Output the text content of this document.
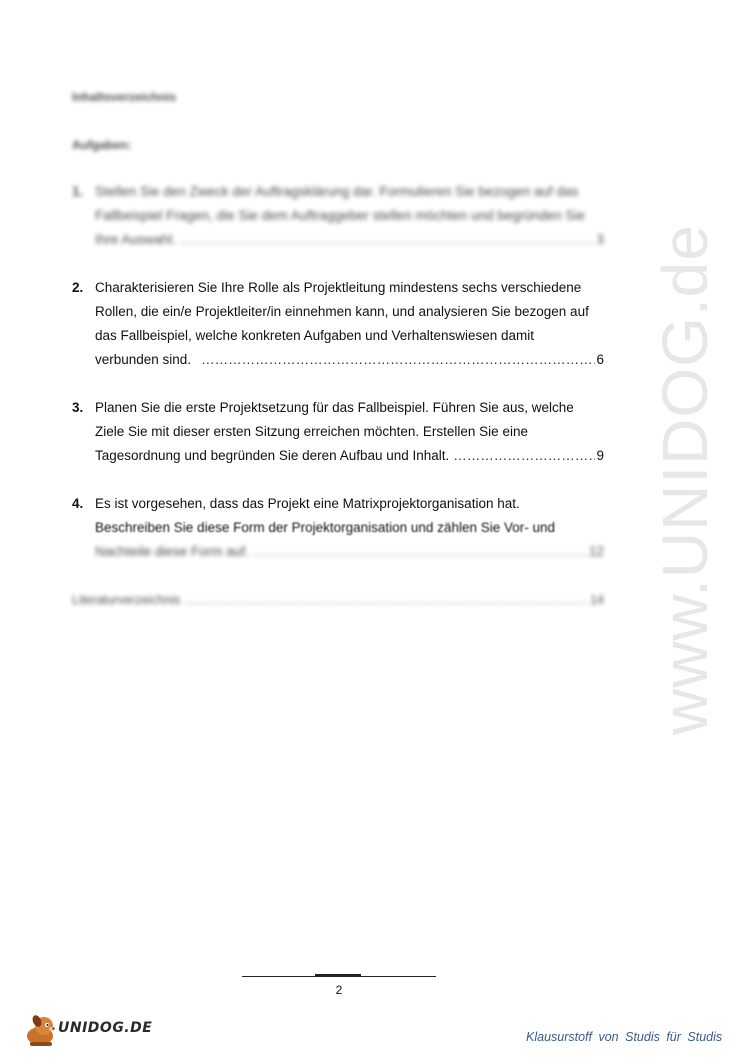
www.UNIDOG.de
Inhaltsverzeichnis
Aufgaben:
1. Stellen Sie den Zweck der Auftragsklärung dar. Formulieren Sie bezogen auf das
Fallbeispiel Fragen, die Sie dem Auftraggeber stellen möchten und begründen Sie
Ihre Auswahl. ……………………………………………………………………………………………………………………………	3
2. Charakterisieren Sie Ihre Rolle als Projektleitung mindestens sechs verschiedene
Rollen, die ein/e Projektleiter/in einnehmen kann, und analysieren Sie bezogen auf
das Fallbeispiel, welche konkreten Aufgaben und Verhaltenswiesen damit
verbunden sind. ……………………………………………………………………………………………………………………………	6
3. Planen Sie die erste Projektsetzung für das Fallbeispiel. Führen Sie aus, welche
Ziele Sie mit dieser ersten Sitzung erreichen möchten. Erstellen Sie eine
Tagesordnung und begründen Sie deren Aufbau und Inhalt. ……………………………………………………………………………………………………………………………	9
4. Es ist vorgesehen, dass das Projekt eine Matrixprojektorganisation hat.
Beschreiben Sie diese Form der Projektorganisation und zählen Sie Vor- und
Nachteile diese Form auf. ……………………………………………………………………………………………………………………………	12
Literaturverzeichnis ……………………………………………………………………………………………………………………………	14
2
UNIDOG.DE
Klausurstoff von Studis für Studis
